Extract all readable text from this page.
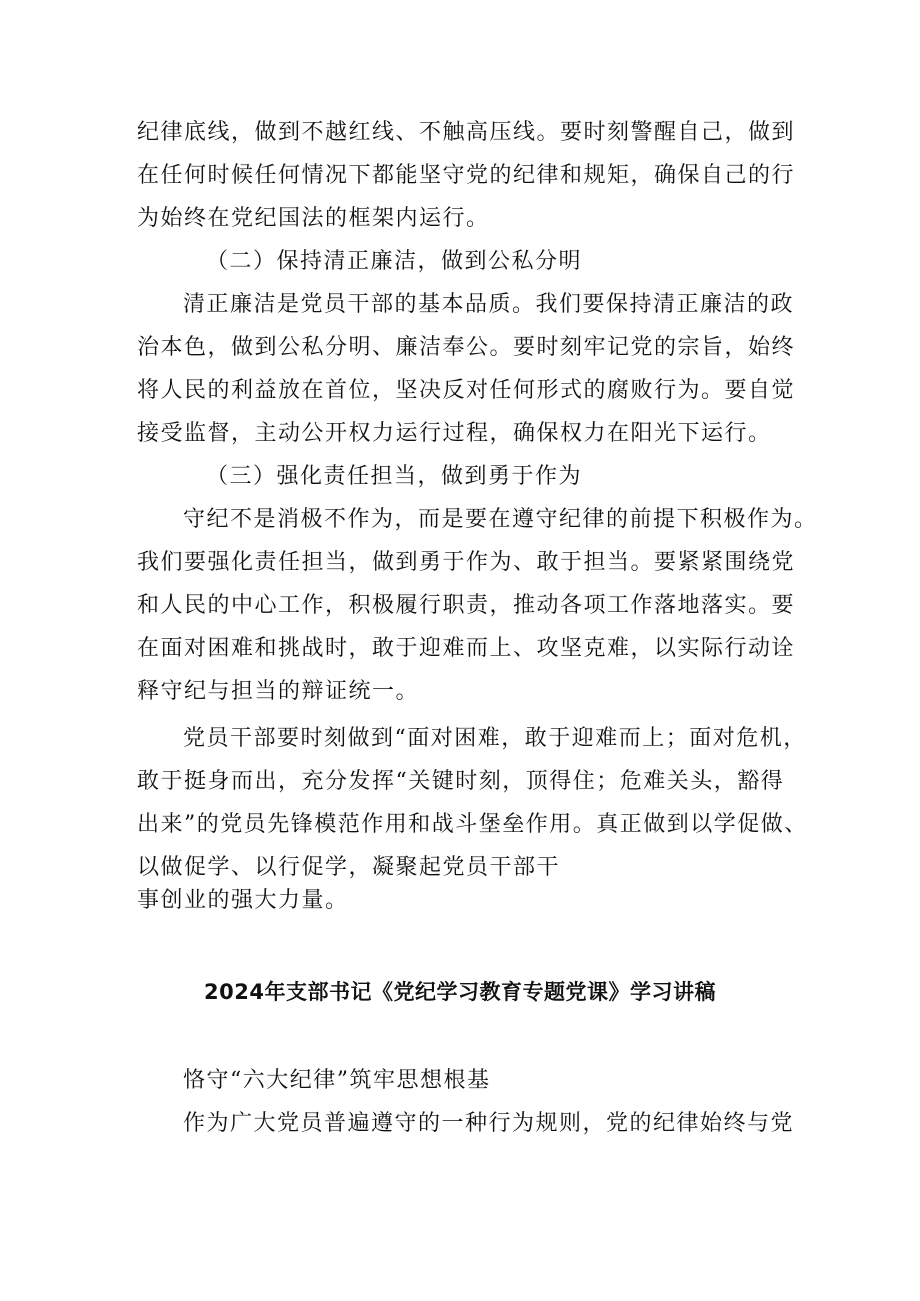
纪律底线，做到不越红线、不触高压线。要时刻警醒自己，做到
在任何时候任何情况下都能坚守党的纪律和规矩，确保自己的行
为始终在党纪国法的框架内运行。
（二）保持清正廉洁，做到公私分明
清正廉洁是党员干部的基本品质。我们要保持清正廉洁的政
治本色，做到公私分明、廉洁奉公。要时刻牢记党的宗旨，始终
将人民的利益放在首位，坚决反对任何形式的腐败行为。要自觉
接受监督，主动公开权力运行过程，确保权力在阳光下运行。
（三）强化责任担当，做到勇于作为
守纪不是消极不作为，而是要在遵守纪律的前提下积极作为。
我们要强化责任担当，做到勇于作为、敢于担当。要紧紧围绕党
和人民的中心工作，积极履行职责，推动各项工作落地落实。要
在面对困难和挑战时，敢于迎难而上、攻坚克难，以实际行动诠
释守纪与担当的辩证统一。
党员干部要时刻做到“面对困难，敢于迎难而上；面对危机，
敢于挺身而出，充分发挥“关键时刻，顶得住；危难关头，豁得
出来”的党员先锋模范作用和战斗堡垒作用。真正做到以学促做、
以做促学、以行促学，凝聚起党员干部干
事创业的强大力量。
2024年支部书记《党纪学习教育专题党课》学习讲稿
恪守“六大纪律”筑牢思想根基
作为广大党员普遍遵守的一种行为规则，党的纪律始终与党
